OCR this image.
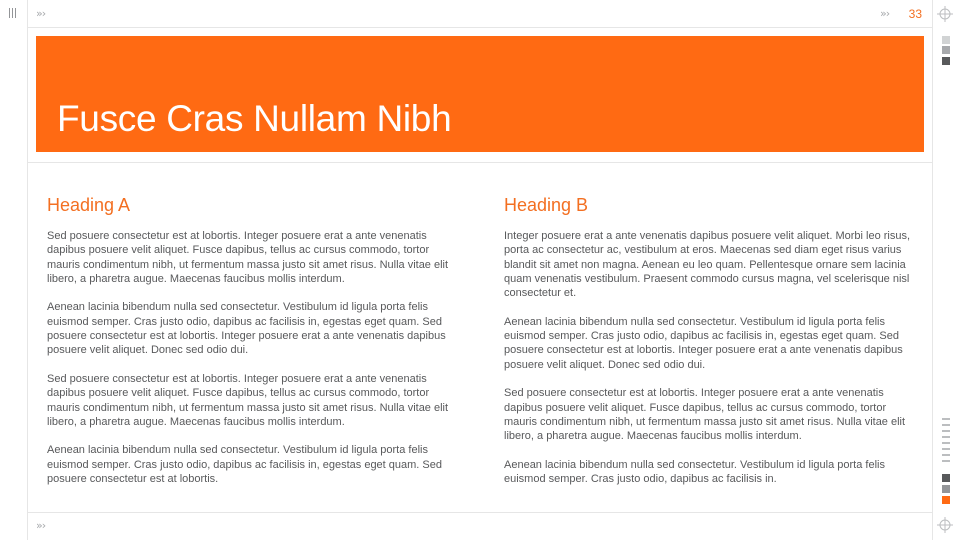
»›	»› 33
»›
Fusce Cras Nullam Nibh
Heading A

Sed posuere consectetur est at lobortis. Integer posuere erat a ante venenatis dapibus posuere velit aliquet. Fusce dapibus, tellus ac cursus commodo, tortor mauris condimentum nibh, ut fermentum massa justo sit amet risus. Nulla vitae elit libero, a pharetra augue. Maecenas faucibus mollis interdum.

Aenean lacinia bibendum nulla sed consectetur. Vestibulum id ligula porta felis euismod semper. Cras justo odio, dapibus ac facilisis in, egestas eget quam. Sed posuere consectetur est at lobortis. Integer posuere erat a ante venenatis dapibus posuere velit aliquet. Donec sed odio dui.

Sed posuere consectetur est at lobortis. Integer posuere erat a ante venenatis dapibus posuere velit aliquet. Fusce dapibus, tellus ac cursus commodo, tortor mauris condimentum nibh, ut fermentum massa justo sit amet risus. Nulla vitae elit libero, a pharetra augue. Maecenas faucibus mollis interdum.

Aenean lacinia bibendum nulla sed consectetur. Vestibulum id ligula porta felis euismod semper. Cras justo odio, dapibus ac facilisis in, egestas eget quam. Sed posuere consectetur est at lobortis.

Heading B

Integer posuere erat a ante venenatis dapibus posuere velit aliquet. Morbi leo risus, porta ac consectetur ac, vestibulum at eros. Maecenas sed diam eget risus varius blandit sit amet non magna. Aenean eu leo quam. Pellentesque ornare sem lacinia quam venenatis vestibulum. Praesent commodo cursus magna, vel scelerisque nisl consectetur et.

Aenean lacinia bibendum nulla sed consectetur. Vestibulum id ligula porta felis euismod semper. Cras justo odio, dapibus ac facilisis in, egestas eget quam. Sed posuere consectetur est at lobortis. Integer posuere erat a ante venenatis dapibus posuere velit aliquet. Donec sed odio dui.

Sed posuere consectetur est at lobortis. Integer posuere erat a ante venenatis dapibus posuere velit aliquet. Fusce dapibus, tellus ac cursus commodo, tortor mauris condimentum nibh, ut fermentum massa justo sit amet risus. Nulla vitae elit libero, a pharetra augue. Maecenas faucibus mollis interdum.

Aenean lacinia bibendum nulla sed consectetur. Vestibulum id ligula porta felis euismod semper. Cras justo odio, dapibus ac facilisis in.
